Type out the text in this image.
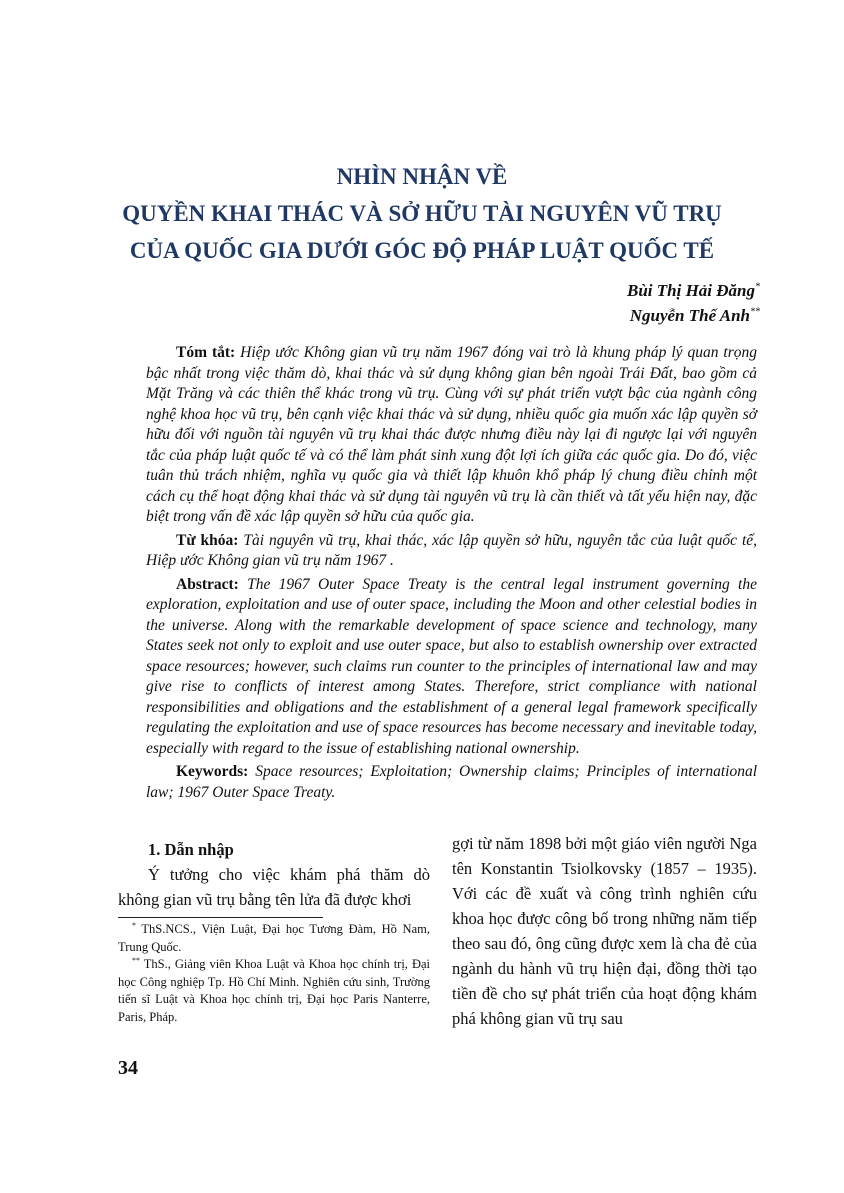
NHÌN NHẬN VỀ
QUYỀN KHAI THÁC VÀ SỞ HỮU TÀI NGUYÊN VŨ TRỤ
CỦA QUỐC GIA DƯỚI GÓC ĐỘ PHÁP LUẬT QUỐC TẾ
Bùi Thị Hải Đăng*
Nguyễn Thế Anh**

Tóm tắt: Hiệp ước Không gian vũ trụ năm 1967 đóng vai trò là khung pháp lý quan trọng bậc nhất trong việc thăm dò, khai thác và sử dụng không gian bên ngoài Trái Đất, bao gồm cả Mặt Trăng và các thiên thể khác trong vũ trụ. Cùng với sự phát triển vượt bậc của ngành công nghệ khoa học vũ trụ, bên cạnh việc khai thác và sử dụng, nhiều quốc gia muốn xác lập quyền sở hữu đối với nguồn tài nguyên vũ trụ khai thác được nhưng điều này lại đi ngược lại với nguyên tắc của pháp luật quốc tế và có thể làm phát sinh xung đột lợi ích giữa các quốc gia. Do đó, việc tuân thủ trách nhiệm, nghĩa vụ quốc gia và thiết lập khuôn khổ pháp lý chung điều chỉnh một cách cụ thể hoạt động khai thác và sử dụng tài nguyên vũ trụ là cần thiết và tất yếu hiện nay, đặc biệt trong vấn đề xác lập quyền sở hữu của quốc gia.

Từ khóa: Tài nguyên vũ trụ, khai thác, xác lập quyền sở hữu, nguyên tắc của luật quốc tế, Hiệp ước Không gian vũ trụ năm 1967 .

Abstract: The 1967 Outer Space Treaty is the central legal instrument governing the exploration, exploitation and use of outer space, including the Moon and other celestial bodies in the universe. Along with the remarkable development of space science and technology, many States seek not only to exploit and use outer space, but also to establish ownership over extracted space resources; however, such claims run counter to the principles of international law and may give rise to conflicts of interest among States. Therefore, strict compliance with national responsibilities and obligations and the establishment of a general legal framework specifically regulating the exploitation and use of space resources has become necessary and inevitable today, especially with regard to the issue of establishing national ownership.

Keywords: Space resources; Exploitation; Ownership claims; Principles of international law; 1967 Outer Space Treaty.

1. Dẫn nhập

Ý tưởng cho việc khám phá thăm dò không gian vũ trụ bằng tên lửa đã được khơi

* ThS.NCS., Viện Luật, Đại học Tương Đàm, Hồ Nam, Trung Quốc.

** ThS., Giảng viên Khoa Luật và Khoa học chính trị, Đại học Công nghiệp Tp. Hồ Chí Minh. Nghiên cứu sinh, Trường tiến sĩ Luật và Khoa học chính trị, Đại học Paris Nanterre, Paris, Pháp.

gợi từ năm 1898 bởi một giáo viên người Nga tên Konstantin Tsiolkovsky (1857 – 1935). Với các đề xuất và công trình nghiên cứu khoa học được công bố trong những năm tiếp theo sau đó, ông cũng được xem là cha đẻ của ngành du hành vũ trụ hiện đại, đồng thời tạo tiền đề cho sự phát triển của hoạt động khám phá không gian vũ trụ sau

34
